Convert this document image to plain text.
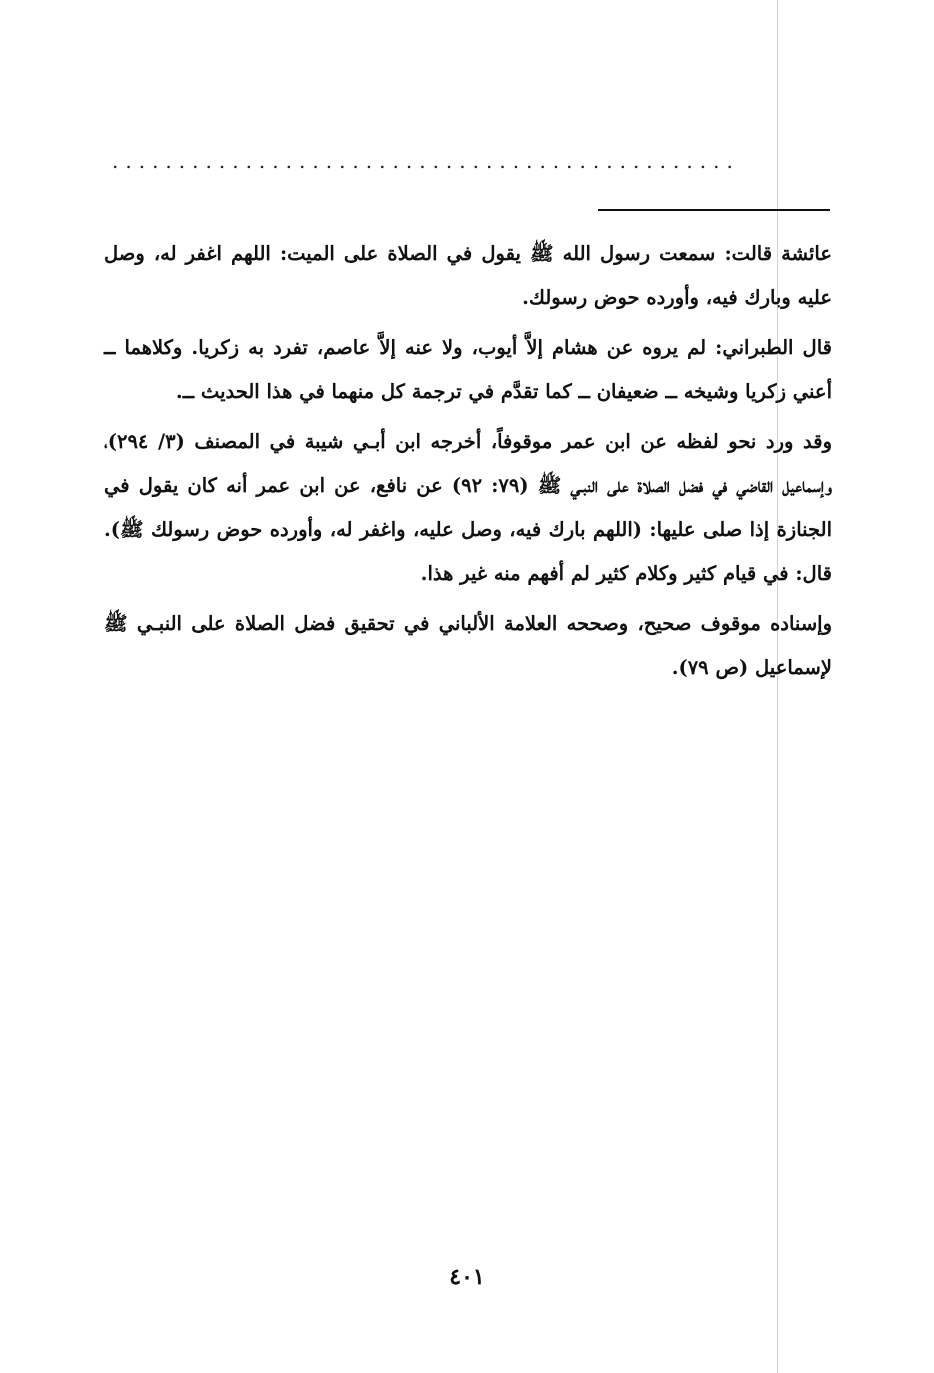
...............................................

عائشة قالت: سمعت رسول الله ﷺ يقول في الصلاة على الميت: اللهم اغفر له، وصل عليه وبارك فيه، وأورده حوض رسولك.

قال الطبراني: لم يروه عن هشام إلاَّ أيوب، ولا عنه إلاَّ عاصم، تفرد به زكريا. وكلاهما ــ أعني زكريا وشيخه ــ ضعيفان ــ كما تقدَّم في ترجمة كل منهما في هذا الحديث ــ.

وقد ورد نحو لفظه عن ابن عمر موقوفاً، أخرجه ابن أبـي شيبة في المصنف (٣/ ٢٩٤)، وإسماعيل القاضي في فضل الصلاة على النبـي ﷺ (٧٩: ٩٢) عن نافع، عن ابن عمر أنه كان يقول في الجنازة إذا صلى عليها: (اللهم بارك فيه، وصل عليه، واغفر له، وأورده حوض رسولك ﷺ). قال: في قيام كثير وكلام كثير لم أفهم منه غير هذا.

وإسناده موقوف صحيح، وصححه العلامة الألباني في تحقيق فضل الصلاة على النبـي ﷺ لإسماعيل (ص ٧٩).

٤٠١
